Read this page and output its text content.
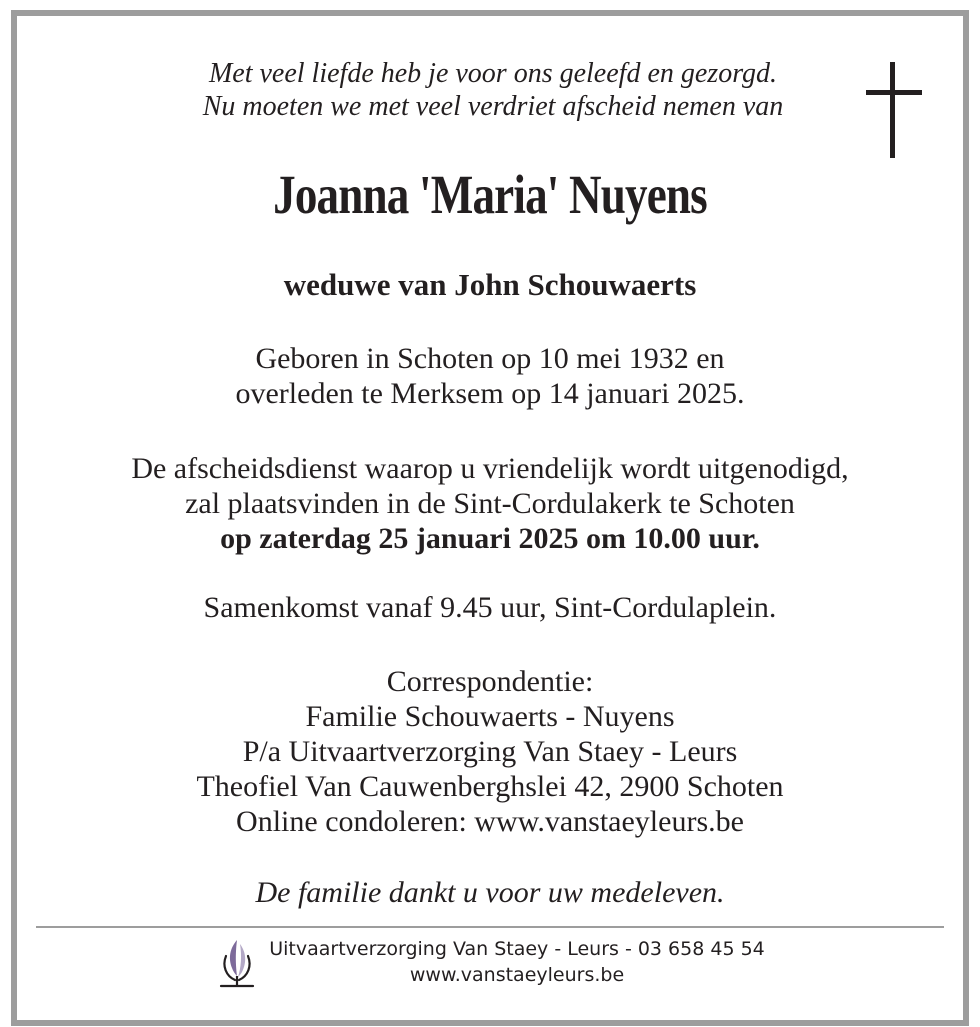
Met veel liefde heb je voor ons geleefd en gezorgd.
Nu moeten we met veel verdriet afscheid nemen van
Joanna 'Maria' Nuyens
weduwe van John Schouwaerts
Geboren in Schoten op 10 mei 1932 en
overleden te Merksem op 14 januari 2025.
De afscheidsdienst waarop u vriendelijk wordt uitgenodigd,
zal plaatsvinden in de Sint-Cordulakerk te Schoten
op zaterdag 25 januari 2025 om 10.00 uur.
Samenkomst vanaf 9.45 uur, Sint-Cordulaplein.
Correspondentie:
Familie Schouwaerts - Nuyens
P/a Uitvaartverzorging Van Staey - Leurs
Theofiel Van Cauwenberghslei 42, 2900 Schoten
Online condoleren: www.vanstaeyleurs.be
De familie dankt u voor uw medeleven.
Uitvaartverzorging Van Staey - Leurs - 03 658 45 54
www.vanstaeyleurs.be
